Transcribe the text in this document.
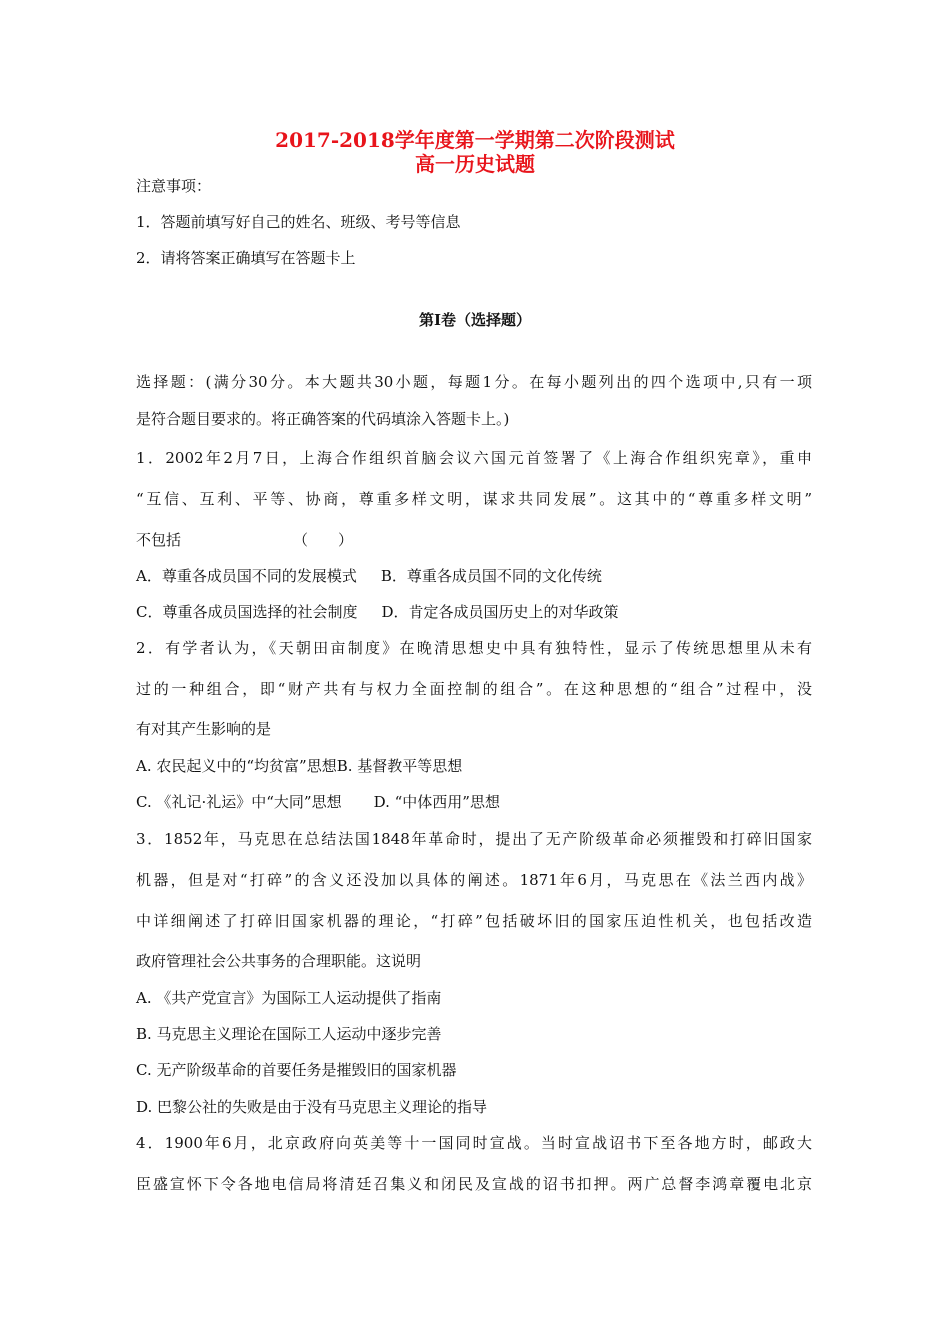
2017-2018学年度第一学期第二次阶段测试
高一历史试题
注意事项：
1．答题前填写好自己的姓名、班级、考号等信息
2．请将答案正确填写在答题卡上
第I卷（选择题）
选择题：(满分30分。本大题共30小题，每题1分。在每小题列出的四个选项中,只有一项
是符合题目要求的。将正确答案的代码填涂入答题卡上。)
1．2002年2月7日，上海合作组织首脑会议六国元首签署了《上海合作组织宪章》，重申
“互信、互利、平等、协商，尊重多样文明，谋求共同发展”。这其中的“尊重多样文明”
不包括	（　　）
A．尊重各成员国不同的发展模式 B．尊重各成员国不同的文化传统
C．尊重各成员国选择的社会制度 D．肯定各成员国历史上的对华政策
2．有学者认为，《天朝田亩制度》在晚清思想史中具有独特性，显示了传统思想里从未有
过的一种组合，即“财产共有与权力全面控制的组合”。在这种思想的“组合”过程中，没
有对其产生影响的是
A. 农民起义中的“均贫富”思想B. 基督教平等思想
C. 《礼记·礼运》中“大同”思想 D. “中体西用”思想
3．1852年，马克思在总结法国1848年革命时，提出了无产阶级革命必须摧毁和打碎旧国家
机器，但是对“打碎”的含义还没加以具体的阐述。1871年6月，马克思在《法兰西内战》
中详细阐述了打碎旧国家机器的理论，“打碎”包括破坏旧的国家压迫性机关，也包括改造
政府管理社会公共事务的合理职能。这说明
A. 《共产党宣言》为国际工人运动提供了指南
B. 马克思主义理论在国际工人运动中逐步完善
C. 无产阶级革命的首要任务是摧毁旧的国家机器
D. 巴黎公社的失败是由于没有马克思主义理论的指导
4．1900年6月，北京政府向英美等十一国同时宣战。当时宣战诏书下至各地方时，邮政大
臣盛宣怀下令各地电信局将清廷召集义和闭民及宣战的诏书扣押。两广总督李鸿章覆电北京
